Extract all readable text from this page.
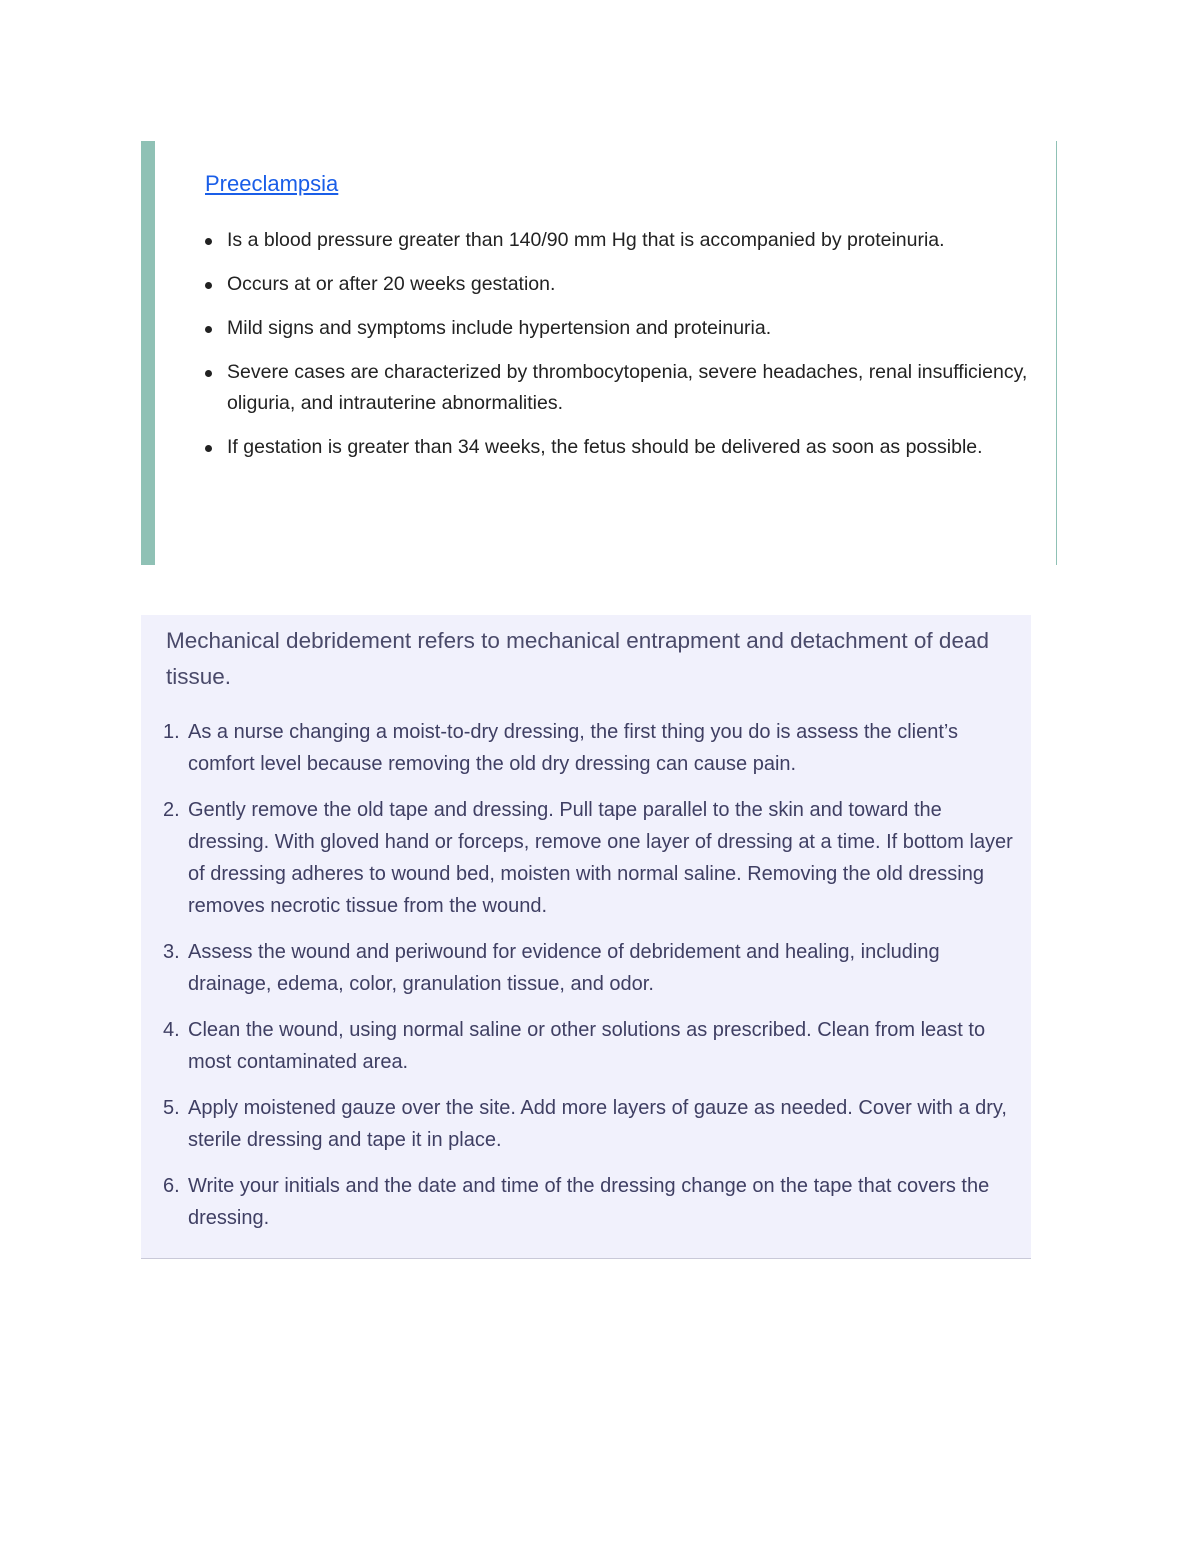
Preeclampsia
Is a blood pressure greater than 140/90 mm Hg that is accompanied by proteinuria.
Occurs at or after 20 weeks gestation.
Mild signs and symptoms include hypertension and proteinuria.
Severe cases are characterized by thrombocytopenia, severe headaches, renal insufficiency, oliguria, and intrauterine abnormalities.
If gestation is greater than 34 weeks, the fetus should be delivered as soon as possible.

Mechanical debridement refers to mechanical entrapment and detachment of dead tissue.

1. As a nurse changing a moist-to-dry dressing, the first thing you do is assess the client’s comfort level because removing the old dry dressing can cause pain.
2. Gently remove the old tape and dressing. Pull tape parallel to the skin and toward the dressing. With gloved hand or forceps, remove one layer of dressing at a time. If bottom layer of dressing adheres to wound bed, moisten with normal saline. Removing the old dressing removes necrotic tissue from the wound.
3. Assess the wound and periwound for evidence of debridement and healing, including drainage, edema, color, granulation tissue, and odor.
4. Clean the wound, using normal saline or other solutions as prescribed. Clean from least to most contaminated area.
5. Apply moistened gauze over the site. Add more layers of gauze as needed. Cover with a dry, sterile dressing and tape it in place.
6. Write your initials and the date and time of the dressing change on the tape that covers the dressing.
